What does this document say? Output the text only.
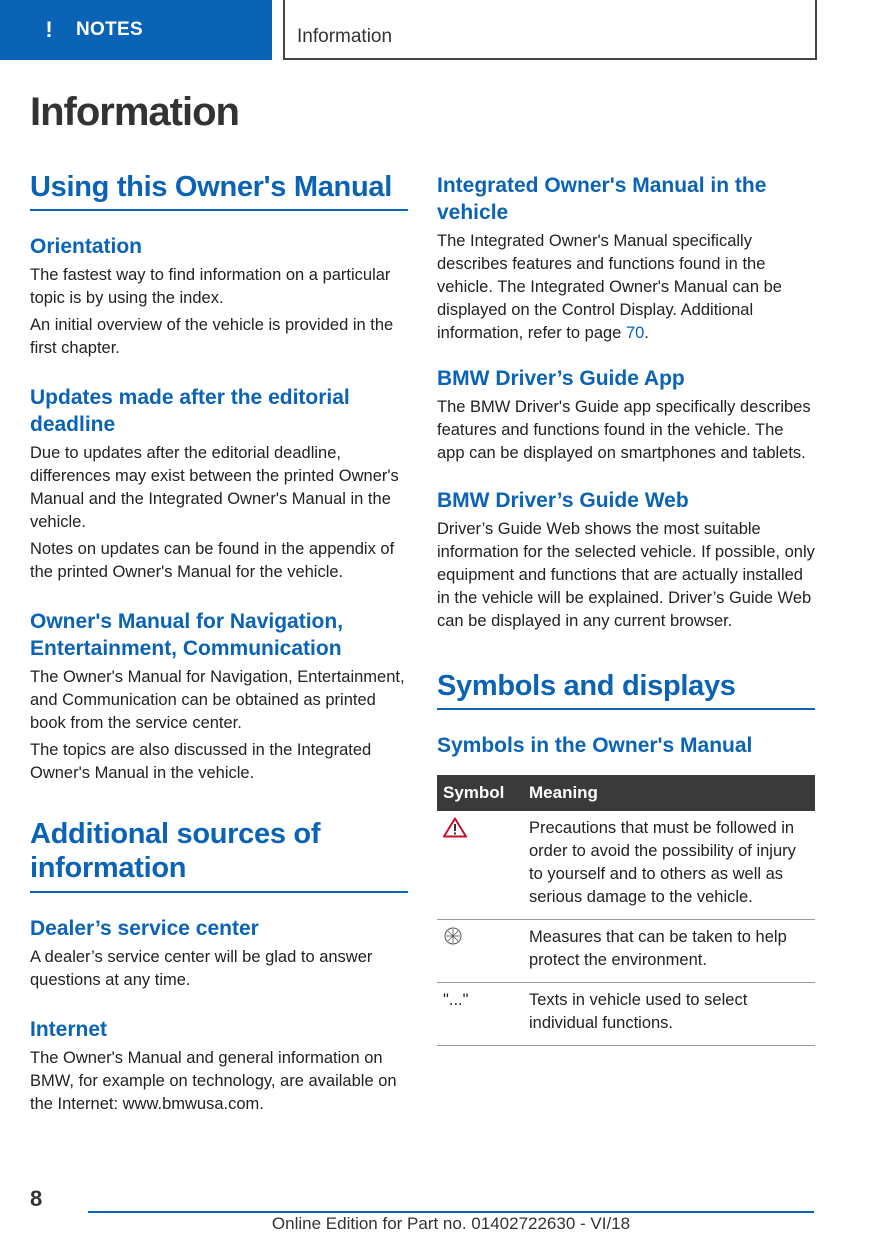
!	NOTES	Information
Information
Using this Owner's Manual
Orientation

The fastest way to find information on a particular topic is by using the index.

An initial overview of the vehicle is provided in the first chapter.

Updates made after the editorial deadline

Due to updates after the editorial deadline, differences may exist between the printed Owner's Manual and the Integrated Owner's Manual in the vehicle.

Notes on updates can be found in the appendix of the printed Owner's Manual for the vehicle.

Owner's Manual for Navigation, Entertainment, Communication

The Owner's Manual for Navigation, Entertainment, and Communication can be obtained as printed book from the service center.

The topics are also discussed in the Integrated Owner's Manual in the vehicle.

Additional sources of information
Dealer’s service center

A dealer’s service center will be glad to answer questions at any time.

Internet

The Owner's Manual and general information on BMW, for example on technology, are available on the Internet: www.bmwusa.com.

Integrated Owner's Manual in the vehicle

The Integrated Owner's Manual specifically describes features and functions found in the vehicle. The Integrated Owner's Manual can be displayed on the Control Display. Additional information, refer to page 70.

BMW Driver’s Guide App

The BMW Driver's Guide app specifically describes features and functions found in the vehicle. The app can be displayed on smartphones and tablets.

BMW Driver’s Guide Web

Driver’s Guide Web shows the most suitable information for the selected vehicle. If possible, only equipment and functions that are actually installed in the vehicle will be explained. Driver’s Guide Web can be displayed in any current browser.

Symbols and displays
Symbols in the Owner's Manual
Symbol	Meaning
	Precautions that must be followed in order to avoid the possibility of injury to yourself and to others as well as serious damage to the vehicle.
	Measures that can be taken to help protect the environment.
"..."	Texts in vehicle used to select individual functions.
8
Online Edition for Part no. 01402722630 - VI/18
